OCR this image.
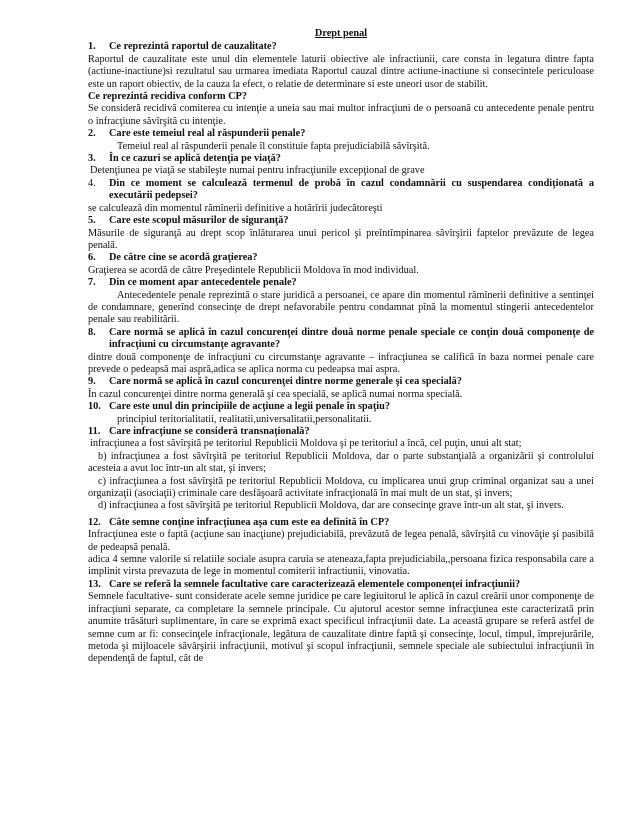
Drept penal

1. Ce reprezintă raportul de cauzalitate?

Raportul de cauzalitate este unul din elementele laturii obiective ale infractiunii, care consta in legatura dintre fapta (actiune-inactiune)si rezultatul sau urmarea imediata Raportul cauzal dintre actiune-inactiune si consecintele periculoase este un raport obiectiv, de la cauza la efect, o relatie de determinare si este uneori usor de stabilit.

Ce reprezintă recidiva conform CP?

Se consideră recidivă comiterea cu intenţie a uneia sau mai multor infracţiuni de o persoană cu antecedente penale pentru o infracţiune săvîrşită cu intenţie.

2. Care este temeiul real al răspunderii penale?

Temeiul real al răspunderii penale îl constituie fapta prejudiciabilă săvîrşită.

3. În ce cazuri se aplică detenţia pe viaţă?

Detenţiunea pe viaţă se stabileşte numai pentru infracţiunile excepţional de grave

4. Din ce moment se calculează termenul de probă în cazul condamnării cu suspendarea condiţionată a executării pedepsei?

se calculează din momentul rămînerii definitive a hotărîrii judecătoreşti

5. Care este scopul măsurilor de siguranţă?

Măsurile de siguranţă au drept scop înlăturarea unui pericol şi preîntîmpinarea săvîrşirii faptelor prevăzute de legea penală.

6. De către cine se acordă graţierea?

Graţierea se acordă de către Preşedintele Republicii Moldova în mod individual.

7. Din ce moment apar antecedentele penale?

Antecedentele penale reprezintă o stare juridică a persoanei, ce apare din momentul rămînerii definitive a sentinţei de condamnare, generînd consecinţe de drept nefavorabile pentru condamnat pînă la momentul stingerii antecedentelor penale sau reabilitării.

8. Care normă se aplică în cazul concurenţei dintre două norme penale speciale ce conţin două componenţe de infracţiuni cu circumstanţe agravante?

dintre două componenţe de infracţiuni cu circumstanţe agravante – infracţiunea se califică în baza normei penale care prevede o pedeapsă mai aspră,adica se aplica norma cu pedeapsa mai aspra.

9. Care normă se aplică în cazul concurenţei dintre norme generale şi cea specială?

În cazul concurenţei dintre norma generală şi cea specială, se aplică numai norma specială.

10. Care este unul din principiile de acţiune a legii penale în spaţiu?

principiul teritorialitatii, realitatii,universalitatii,personalitatii.

11. Care infracţiune se consideră transnaţională?

infracţiunea a fost săvîrşită pe teritoriul Republicii Moldova şi pe teritoriul a încă, cel puţin, unui alt stat;

b) infracţiunea a fost săvîrşită pe teritoriul Republicii Moldova, dar o parte substanţială a organizării şi controlului acesteia a avut loc într-un alt stat, şi invers;

c) infracţiunea a fost săvîrşită pe teritoriul Republicii Moldova, cu implicarea unui grup criminal organizat sau a unei organizaţii (asociaţii) criminale care desfăşoară activitate infracţională în mai mult de un stat, şi invers;

d) infracţiunea a fost săvîrşită pe teritoriul Republicii Moldova, dar are consecinţe grave într-un alt stat, şi invers.

12. Câte semne conţine infracţiunea aşa cum este ea definită în CP?

Infracţiunea este o faptă (acţiune sau inacţiune) prejudiciabilă, prevăzută de legea penală, săvîrşită cu vinovăţie şi pasibilă de pedeapsă penală.

adica 4 semne valorile si relatiile sociale asupra caruia se ateneaza,fapta prejudiciabila,,persoana fizica responsabila care a implinit virsta prevazuta de lege in momentul comiterii infractiunii, vinovatia.

13. Care se referă la semnele facultative care caracterizează elementele componenţei infracţiunii?

Semnele facultative- sunt considerate acele semne juridice pe care legiuitorul le aplică în cazul creării unor componenţe de infracţiuni separate, ca completare la semnele principale. Cu ajutorul acestor semne infracţiunea este caracterizată prin anumite trăsături suplimentare, în care se exprimă exact specificul infracţiunii date. La această grupare se referă astfel de semne cum ar fi: consecinţele infracţionale, legătura de cauzalitate dintre faptă şi consecinţe, locul, timpul, împrejurările, metoda şi mijloacele săvârşirii infracţiunii, motivul şi scopul infracţiunii, semnele speciale ale subiectului infracţiunii în dependenţă de faptul, cât de
